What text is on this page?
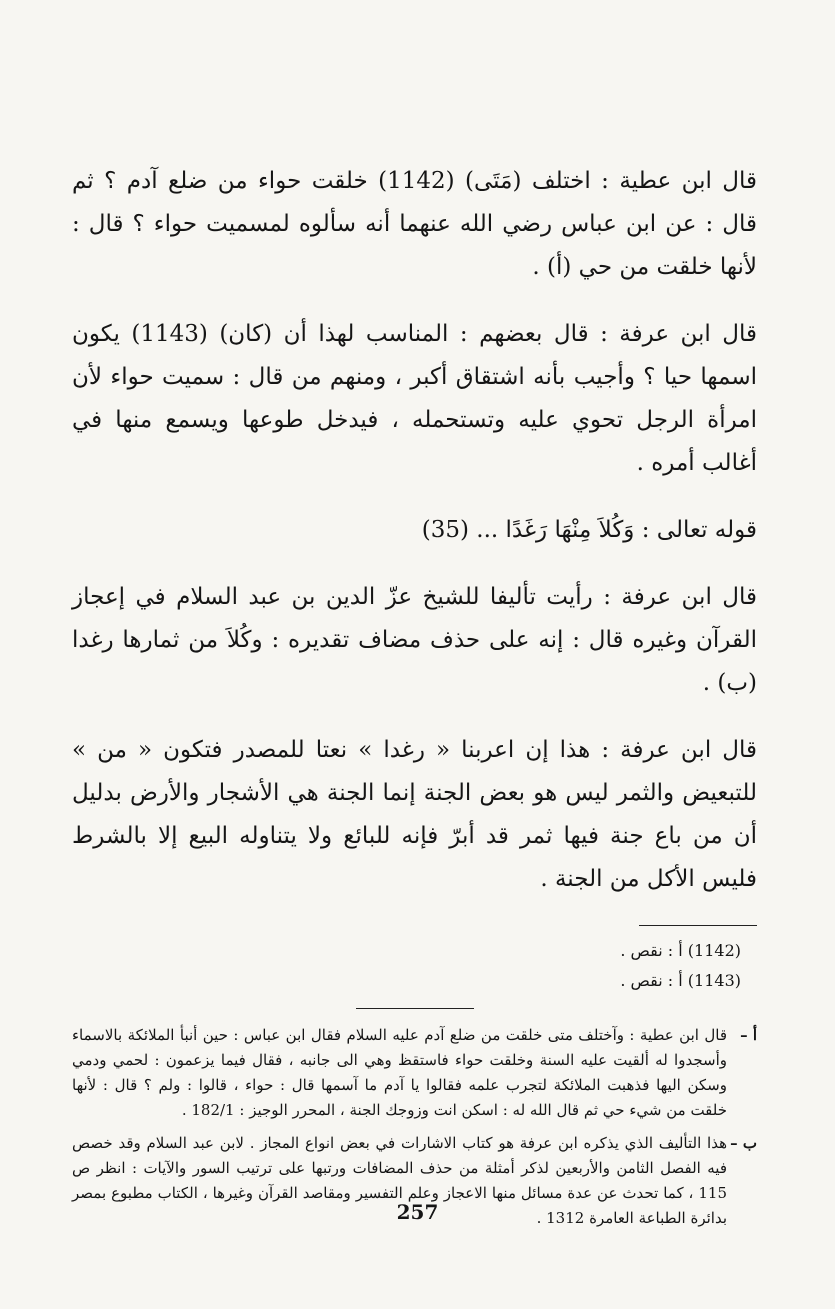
قال ابن عطية : اختلف (مَتَى) (1142) خلقت حواء من ضلع آدم ؟ ثم قال : عن ابن عباس رضي الله عنهما أنه سألوه لمسميت حواء ؟ قال : لأنها خلقت من حي (أ) .

قال ابن عرفة : قال بعضهم : المناسب لهذا أن (كان) (1143) يكون اسمها حيا ؟ وأجيب بأنه اشتقاق أكبر ، ومنهم من قال : سميت حواء لأن امرأة الرجل تحوي عليه وتستحمله ، فيدخل طوعها ويسمع منها في أغالب أمره .

قوله تعالى : وَكُلاَ مِنْهَا رَغَدًا ... (35)

قال ابن عرفة : رأيت تأليفا للشيخ عزّ الدين بن عبد السلام في إعجاز القرآن وغيره قال : إنه على حذف مضاف تقديره : وكُلاَ من ثمارها رغدا (ب) .

قال ابن عرفة : هذا إن اعربنا « رغدا » نعتا للمصدر فتكون « من » للتبعيض والثمر ليس هو بعض الجنة إنما الجنة هي الأشجار والأرض بدليل أن من باع جنة فيها ثمر قد أبرّ فإنه للبائع ولا يتناوله البيع إلا بالشرط فليس الأكل من الجنة .

(1142) أ : نقص .
(1143) أ : نقص .
أ –
قال ابن عطية : وآختلف متى خلقت من ضلع آدم عليه السلام فقال ابن عباس : حين أنبأ الملائكة بالاسماء وأسجدوا له ألقيت عليه السنة وخلقت حواء فاستقظ وهي الى جانبه ، فقال فيما يزعمون : لحمي ودمي وسكن اليها فذهبت الملائكة لتجرب علمه فقالوا يا آدم ما آسمها قال : حواء ، قالوا : ولم ؟ قال : لأنها خلقت من شيء حي ثم قال الله له : اسكن انت وزوجك الجنة ، المحرر الوجيز : 182/1 .
ب –
هذا التأليف الذي يذكره ابن عرفة هو كتاب الاشارات في بعض انواع المجاز . لابن عبد السلام وقد خصص فيه الفصل الثامن والأربعين لذكر أمثلة من حذف المضافات ورتبها على ترتيب السور والآيات : انظر ص 115 ، كما تحدث عن عدة مسائل منها الاعجاز وعلم التفسير ومقاصد القرآن وغيرها ، الكتاب مطبوع بمصر بدائرة الطباعة العامرة 1312 .
257
